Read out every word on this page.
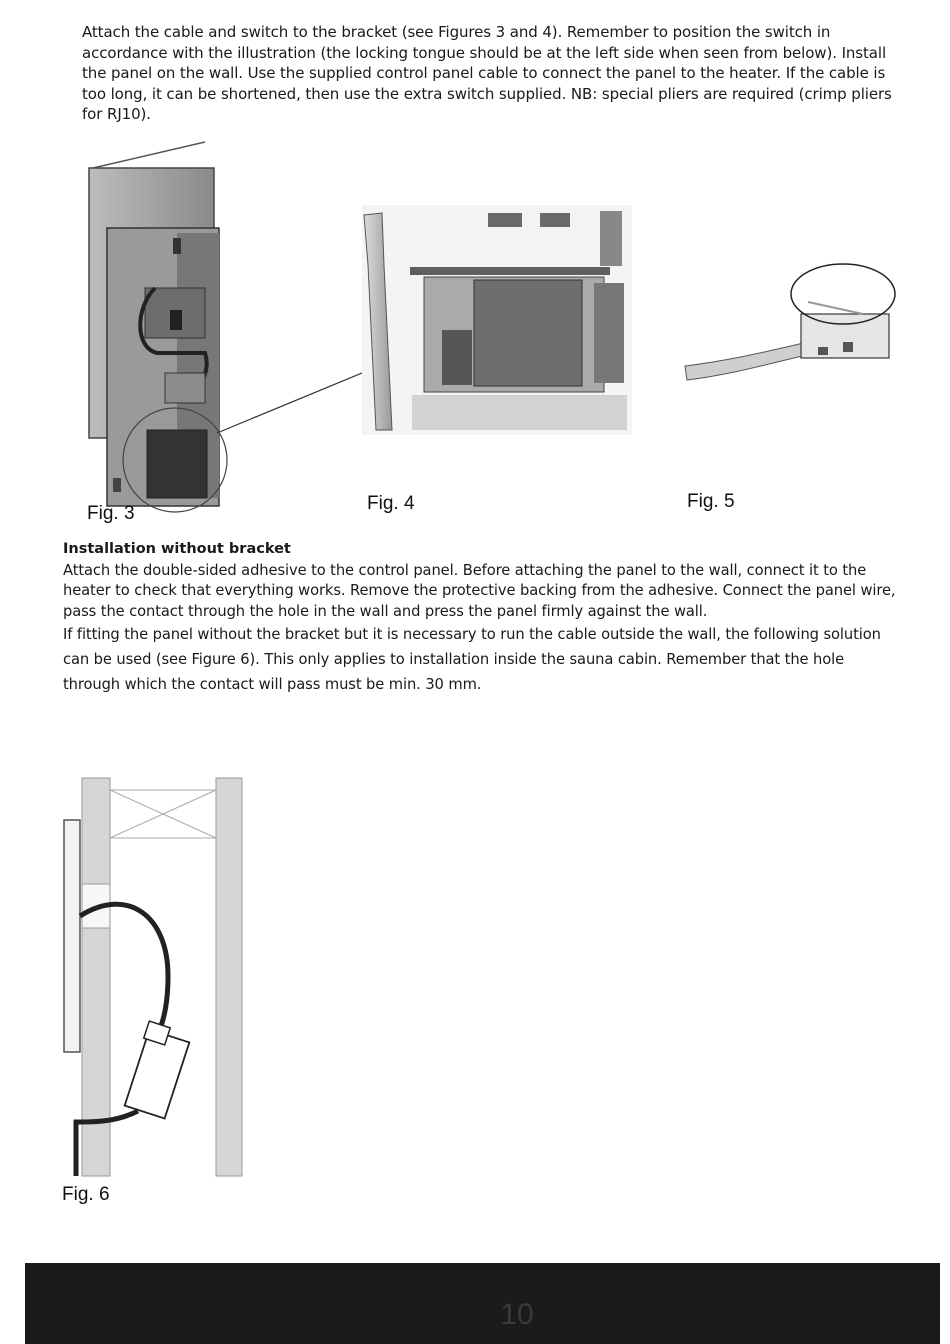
Attach the cable and switch to the bracket (see Figures 3 and 4). Remember to position the switch in accordance with the illustration (the locking tongue should be at the left side when seen from below). Install the panel on the wall. Use the supplied control panel cable to connect the panel to the heater. If the cable is too long, it can be shortened, then use the extra switch supplied. NB: special pliers are required (crimp pliers for RJ10).

Fig. 3	Fig. 4	Fig. 5
Installation without bracket

Attach the double-sided adhesive to the control panel. Before attaching the panel to the wall, connect it to the heater to check that everything works. Remove the protective backing from the adhesive. Connect the panel wire, pass the contact through the hole in the wall and press the panel firmly against the wall.

If fitting the panel without the bracket but it is necessary to run the cable outside the wall, the following solution can be used (see Figure 6). This only applies to installation inside the sauna cabin. Remember that the hole through which the contact will pass must be min. 30 mm.

Fig. 6
10
